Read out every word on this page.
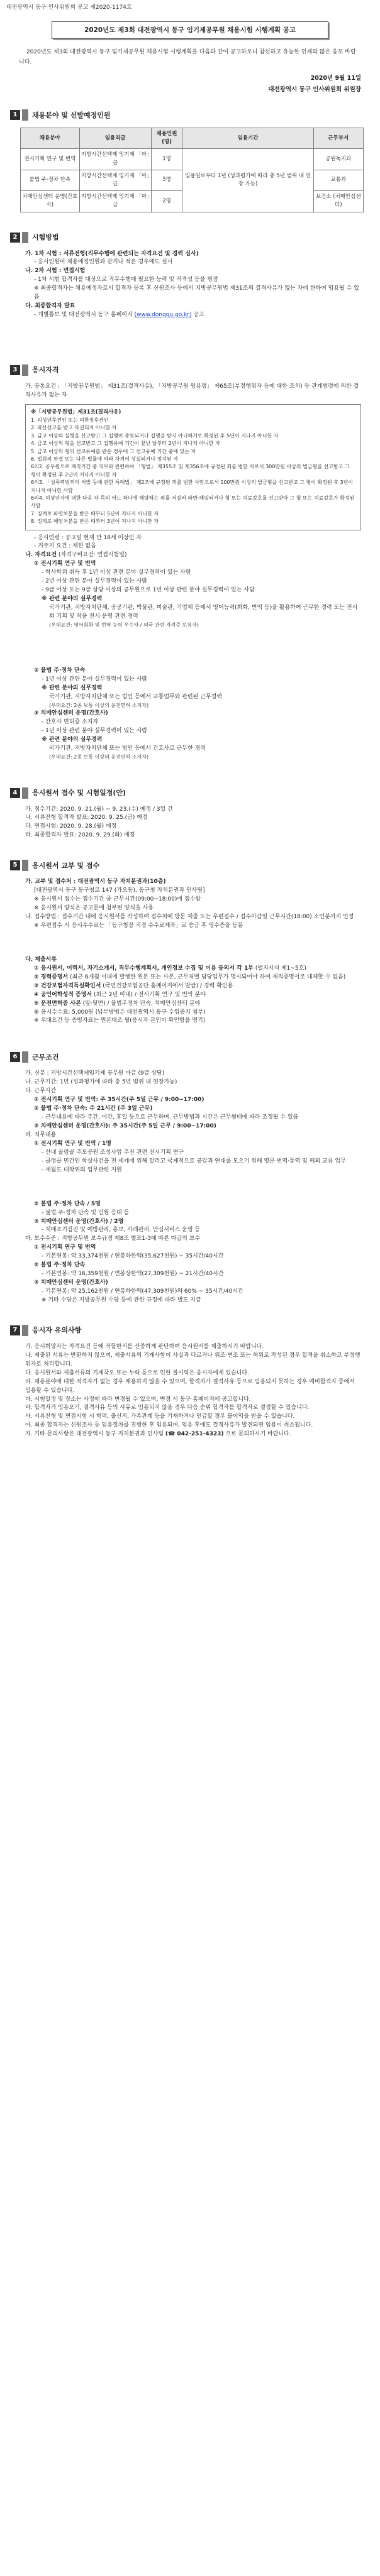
대전광역시 동구 인사위원회 공고 제2020-1174호
2020년도 제3회 대전광역시 동구 임기제공무원 채용시험 시행계획 공고

2020년도 제3회 대전광역시 동구 임기제공무원 채용시험 시행계획을 다음과 같이 공고하오니 참신하고 유능한 인재의 많은 응모 바랍니다.

2020년 9월 11일
대전광역시 동구 인사위원회 위원장
1	채용분야 및 선발예정인원
채용분야	임용직급	채용인원(명)	임용기간	근무부서
전시기획 연구 및 번역	지방시간선택제 임기제 「마」급	1명	임용일로부터 1년 (성과평가에 따라 총 5년 범위 내 연장 가능)	공원녹지과
불법 주·정차 단속	지방시간선택제 임기제 「마」급	5명		교통과
치매안심센터 운영(간호사)	지방시간선택제 임기제 「마」급	2명		보건소 (치매안심센터)
2	시험방법

가. 1차 시험 : 서류전형(직무수행에 관련되는 자격요건 및 경력 심사)

- 응시인원이 채용예정인원과 같거나 적은 경우에도 실시

나. 2차 시험 : 면접시험

- 1차 시험 합격자를 대상으로 직무수행에 필요한 능력 및 적격성 등을 평정

※ 최종합격자는 채용예정자로서 합격자 등록 후 신원조사 등에서 지방공무원법 제31조의 결격사유가 없는 자에 한하여 임용될 수 있음

다. 최종합격자 발표

- 개별통보 및 대전광역시 동구 홈페이지 (www.donggu.go.kr) 공고

3	응시자격

가. 공통요건 : 「지방공무원법」 제31조(결격사유), 「지방공무원 임용령」 제65조(부정행위자 등에 대한 조치) 등 관계법령에 의한 결격사유가 없는 자

※「지방공무원법」제31조(결격사유)
1. 피성년후견인 또는 피한정후견인
2. 파산선고를 받고 복권되지 아니한 자
3. 금고 이상의 실형을 선고받고 그 집행이 종료되거나 집행을 받지 아니하기로 확정된 후 5년이 지나지 아니한 자
4. 금고 이상의 형을 선고받고 그 집행유예 기간이 끝난 날부터 2년이 지나지 아니한 자
5. 금고 이상의 형의 선고유예를 받은 경우에 그 선고유예 기간 중에 있는 자
6. 법원의 판결 또는 다른 법률에 따라 자격이 상실되거나 정지된 자
6의2. 공무원으로 재직기간 중 직무와 관련하여 「형법」 제355조 및 제356조에 규정된 죄를 범한 자로서 300만원 이상의 벌금형을 선고받고 그 형이 확정된 후 2년이 지나지 아니한 자
6의3. 「성폭력범죄의 처벌 등에 관한 특례법」 제2조에 규정된 죄를 범한 사람으로서 100만원 이상의 벌금형을 선고받고 그 형이 확정된 후 3년이 지나지 아니한 사람
6의4. 미성년자에 대한 다음 각 목의 어느 하나에 해당하는 죄를 저질러 파면·해임되거나 형 또는 치료감호를 선고받아 그 형 또는 치료감호가 확정된 사람
7. 징계로 파면처분을 받은 때부터 5년이 지나지 아니한 자
8. 징계로 해임처분을 받은 때부터 3년이 지나지 아니한 자

- 응시연령 : 공고일 현재 만 18세 이상인 자

- 거주지 요건 : 제한 없음

나. 자격요건 (자격구비요건: 면접시험일)

① 전시기획 연구 및 번역

- 학사학위 취득 후 1년 이상 관련 분야 실무경력이 있는 사람

- 2년 이상 관련 분야 실무경력이 있는 사람

- 9급 이상 또는 9급 상당 이상의 공무원으로 1년 이상 관련 분야 실무경력이 있는 사람

※ 관련 분야의 실무경력

국가기관, 지방자치단체, 공공기관, 박물관, 미술관, 기업체 등에서 영어능력(회화, 번역 등)을 활용하여 근무한 경력 또는 전시회 기획 및 작품 전시·운영 관련 경력

(우대요건: 영어회화 및 번역 능력 우수자 / 외국 관련 자격증 보유자)

② 불법 주·정차 단속

- 1년 이상 관련 분야 실무경력이 있는 사람

※ 관련 분야의 실무경력

국가기관, 지방자치단체 또는 법인 등에서 교통업무와 관련된 근무경력

(우대요건: 2종 보통 이상의 운전면허 소지자)

③ 치매안심센터 운영(간호사)

- 간호사 면허증 소지자

- 1년 이상 관련 분야 실무경력이 있는 사람

※ 관련 분야의 실무경력

국가기관, 지방자치단체 또는 법인 등에서 간호사로 근무한 경력

(우대요건: 2종 보통 이상의 운전면허 소지자)

4	응시원서 접수 및 시험일정(안)

가. 접수기간: 2020. 9. 21.(월) ~ 9. 23.(수) 예정 / 3일 간

나. 서류전형 합격자 발표: 2020. 9. 25.(금) 예정

다. 면접시험: 2020. 9. 28.(월) 예정

라. 최종합격자 발표: 2020. 9. 29.(화) 예정

5	응시원서 교부 및 접수

가. 교부 및 접수처 : 대전광역시 동구 자치분권과(10층)

[대전광역시 동구 동구청로 147 (가오동), 동구청 자치분권과 인사팀]

※ 응시원서 접수는 접수기간 중 근무시간(09:00~18:00)에 접수함

※ 응시원서 양식은 공고문에 첨부된 양식을 사용

나. 접수방법 : 접수기간 내에 응시원서를 작성하여 접수처에 방문 제출 또는 우편접수 / 접수마감일 근무시간(18:00) 소인분까지 인정

※ 우편접수 시 응시수수료는 「동구청장 지정 수수료계좌」로 송금 후 영수증을 동봉

다. 제출서류

① 응시원서, 이력서, 자기소개서, 직무수행계획서, 개인정보 수집 및 이용 동의서 각 1부 (별지서식 제1~5호)

② 경력증명서 (최근 6개월 이내에 발행한 원본 또는 사본, 근무처별 담당업무가 명시되어야 하며 재직증명서로 대체할 수 없음)

③ 건강보험자격득실확인서 (국민건강보험공단 홈페이지에서 발급) / 경력 확인용

④ 공인어학성적 증명서 (최근 2년 이내) / 전시기획 연구 및 번역 분야

⑤ 운전면허증 사본 (앞·뒷면) / 불법주정차 단속, 치매안심센터 분야

⑥ 응시수수료: 5,000원 (납부방법은 대전광역시 동구 수입증지 첨부)

※ 우대요건 등 증빙자료는 원본대조 필(응시자 본인이 확인함을 명기)

6	근무조건

가. 신분 : 지방시간선택제임기제 공무원 마급 (9급 상당)

나. 근무기간: 1년 (성과평가에 따라 총 5년 범위 내 연장가능)

다. 근무시간

① 전시기획 연구 및 번역: 주 35시간(주 5일 근무 / 9:00~17:00)

② 불법 주·정차 단속: 주 21시간 (주 3일 근무)

- 근무내용에 따라 주간, 야간, 휴일 등으로 근무하며, 근무방법과 시간은 근무형태에 따라 조정될 수 있음

③ 치매안심센터 운영(간호사): 주 35시간(주 5일 근무 / 9:00~17:00)

라. 직무내용

① 전시기획 연구 및 번역 / 1명

- 산내 골령골 추모공원 조성사업 추진 관련 전시기획 연구

- 골령골 민간인 학살사건을 전 세계에 위해 알리고 국제적으로 공감과 연대를 모으기 위해 영문 번역·통역 및 해외 교류 업무

- 세월도 대학위의 업무관련 지원

② 불법 주·정차 단속 / 5명

- 불법 주·정차 단속 및 민원 응대 등

③ 치매안심센터 운영(간호사) / 2명

- 치매조기검진 및 예방관리, 홍보, 사례관리, 안심서비스 운영 등

마. 보수수준 : 지방공무원 보수규정 제8조 별표1-3에 따른 마급의 보수

① 전시기획 연구 및 번역

- 기본연봉: 약 33,374천원 / 연봉하한액(35,627천원) ~ 35시간/40시간

② 불법 주·정차 단속

- 기본연봉: 약 16,359천원 / 연봉상한액(27,309천원) ~ 21시간/40시간

③ 치매안심센터 운영(간호사)

- 기본연봉: 약 25,162천원 / 연봉하한액(47,309천원)의 60% ~ 35시간/40시간

※ 기타 수당은 지방공무원 수당 등에 관한 규정에 따라 별도 지급

7	응시자 유의사항

가. 응시희망자는 자격요건 등에 적합한지를 신중하게 판단하여 응시원서를 제출하시기 바랍니다.

나. 제출된 서류는 반환하지 않으며, 제출서류의 기재사항이 사실과 다르거나 위조·변조 또는 허위로 작성된 경우 합격을 취소하고 부정행위자로 처리합니다.

다. 응시원서와 제출서류의 기재착오 또는 누락 등으로 인한 불이익은 응시자에게 있습니다.

라. 채용분야에 대한 적격자가 없는 경우 채용하지 않을 수 있으며, 합격자가 결격사유 등으로 임용되지 못하는 경우 예비합격자 중에서 임용할 수 있습니다.

마. 시험일정 및 장소는 사정에 따라 변경될 수 있으며, 변경 시 동구 홈페이지에 공고합니다.

바. 합격자가 임용포기, 결격사유 등의 사유로 임용되지 않을 경우 다음 순위 합격자를 합격자로 결정할 수 있습니다.

사. 서류전형 및 면접시험 시 학력, 출신지, 가족관계 등을 기재하거나 언급할 경우 불이익을 받을 수 있습니다.

아. 최종 합격자는 신원조사 등 임용절차를 진행한 후 임용되며, 임용 후에도 결격사유가 발견되면 임용이 취소됩니다.

자. 기타 문의사항은 대전광역시 동구 자치분권과 인사팀 (☎ 042-251-4323) 으로 문의하시기 바랍니다.
